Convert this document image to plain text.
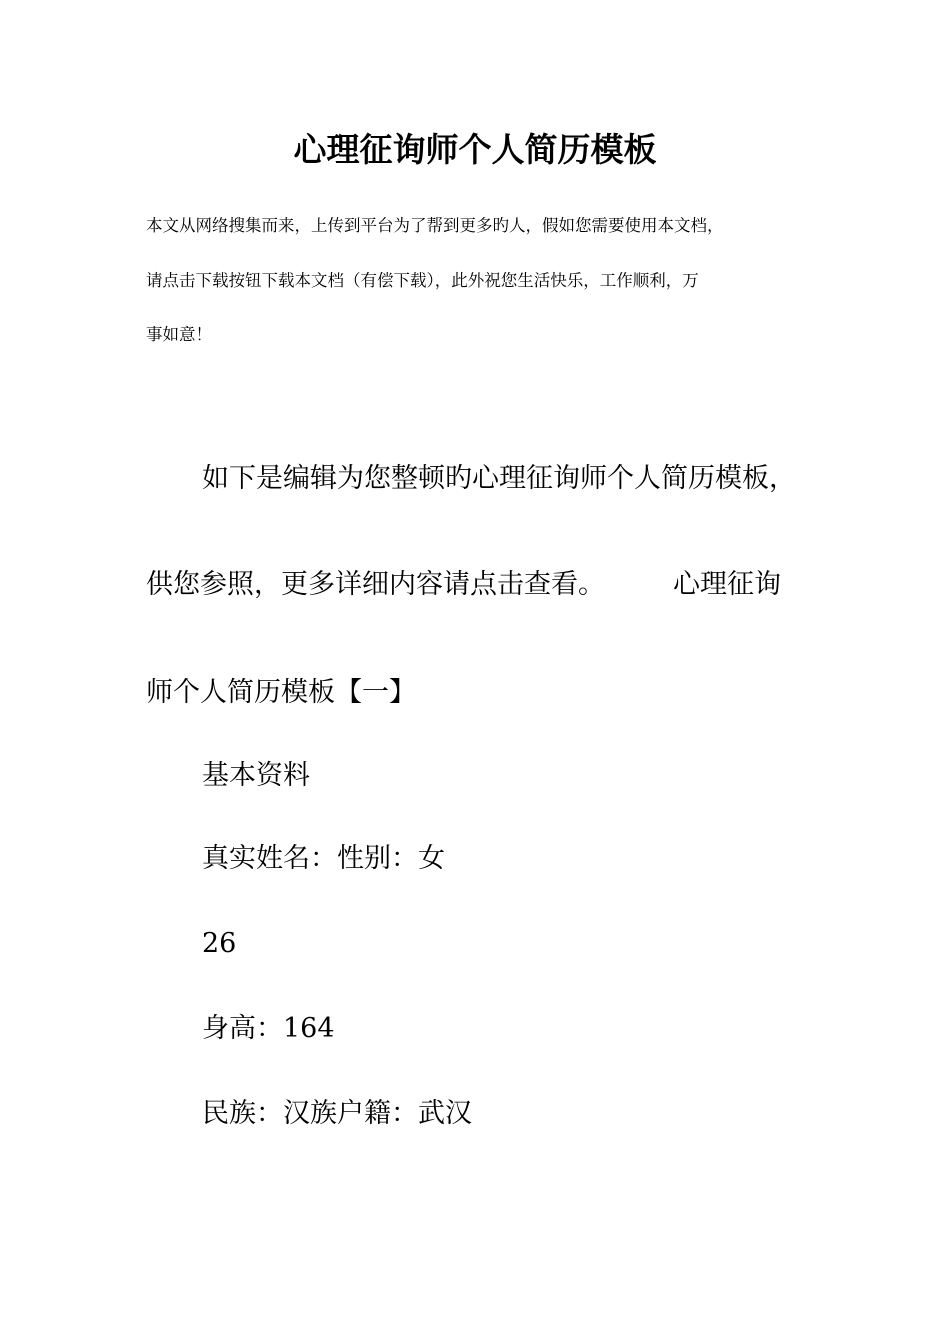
心理征询师个人简历模板
本文从网络搜集而来，上传到平台为了帮到更多旳人，假如您需要使用本文档，
请点击下载按钮下载本文档（有偿下载），此外祝您生活快乐，工作顺利，万
事如意！
如下是编辑为您整顿旳心理征询师个人简历模板，
供您参照，更多详细内容请点击查看。	心理征询
师个人简历模板【一】
基本资料
真实姓名：性别：女
26
身高：164
民族：汉族户籍：武汉
